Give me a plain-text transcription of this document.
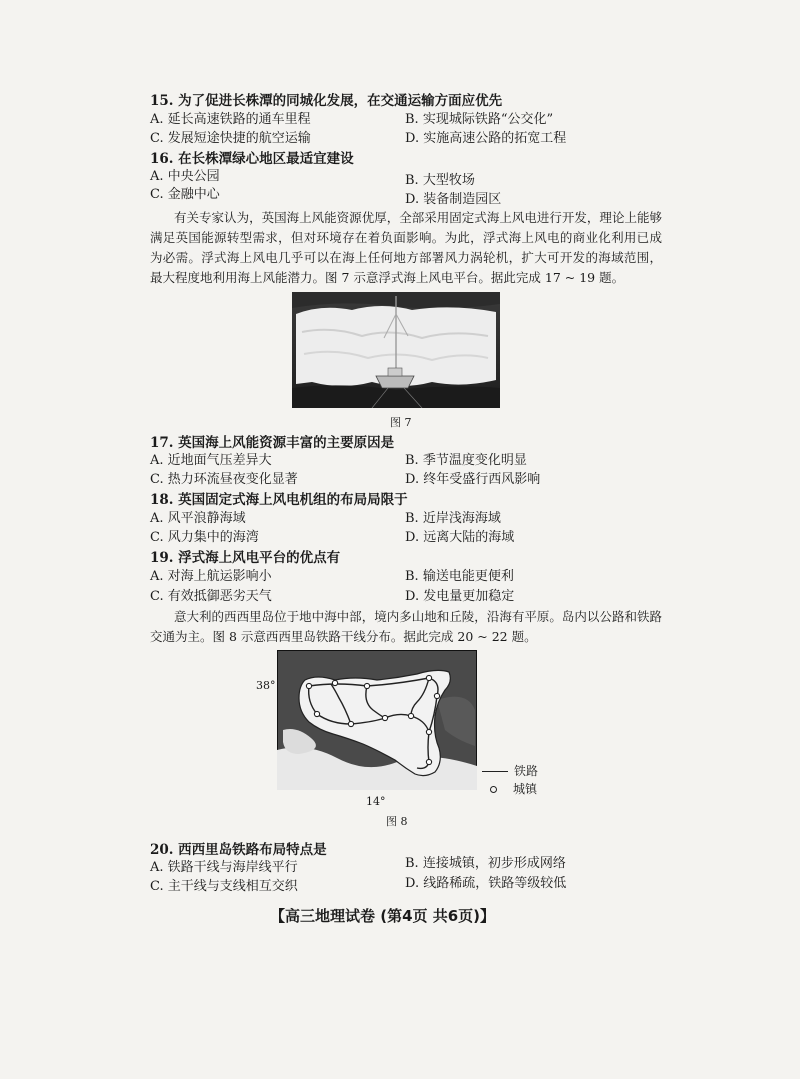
15. 为了促进长株潭的同城化发展，在交通运输方面应优先
A. 延长高速铁路的通车里程	B. 实现城际铁路“公交化”
C. 发展短途快捷的航空运输	D. 实施高速公路的拓宽工程
16. 在长株潭绿心地区最适宜建设
A. 中央公园	B. 大型牧场
C. 金融中心	D. 装备制造园区
有关专家认为，英国海上风能资源优厚，全部采用固定式海上风电进行开发，理论上能够满足英国能源转型需求，但对环境存在着负面影响。为此，浮式海上风电的商业化利用已成为必需。浮式海上风电几乎可以在海上任何地方部署风力涡轮机，扩大可开发的海域范围，最大程度地利用海上风能潜力。图 7 示意浮式海上风电平台。据此完成 17 ~ 19 题。
图 7
17. 英国海上风能资源丰富的主要原因是
A. 近地面气压差异大	B. 季节温度变化明显
C. 热力环流昼夜变化显著	D. 终年受盛行西风影响
18. 英国固定式海上风电机组的布局局限于
A. 风平浪静海域	B. 近岸浅海海域
C. 风力集中的海湾	D. 远离大陆的海域
19. 浮式海上风电平台的优点有
A. 对海上航运影响小	B. 输送电能更便利
C. 有效抵御恶劣天气	D. 发电量更加稳定
意大利的西西里岛位于地中海中部，境内多山地和丘陵，沿海有平原。岛内以公路和铁路交通为主。图 8 示意西西里岛铁路干线分布。据此完成 20 ~ 22 题。
38°
14°
铁路
城镇
图 8
20. 西西里岛铁路布局特点是
A. 铁路干线与海岸线平行	B. 连接城镇，初步形成网络
C. 主干线与支线相互交织	D. 线路稀疏，铁路等级较低
【高三地理试卷 (第4页 共6页)】
